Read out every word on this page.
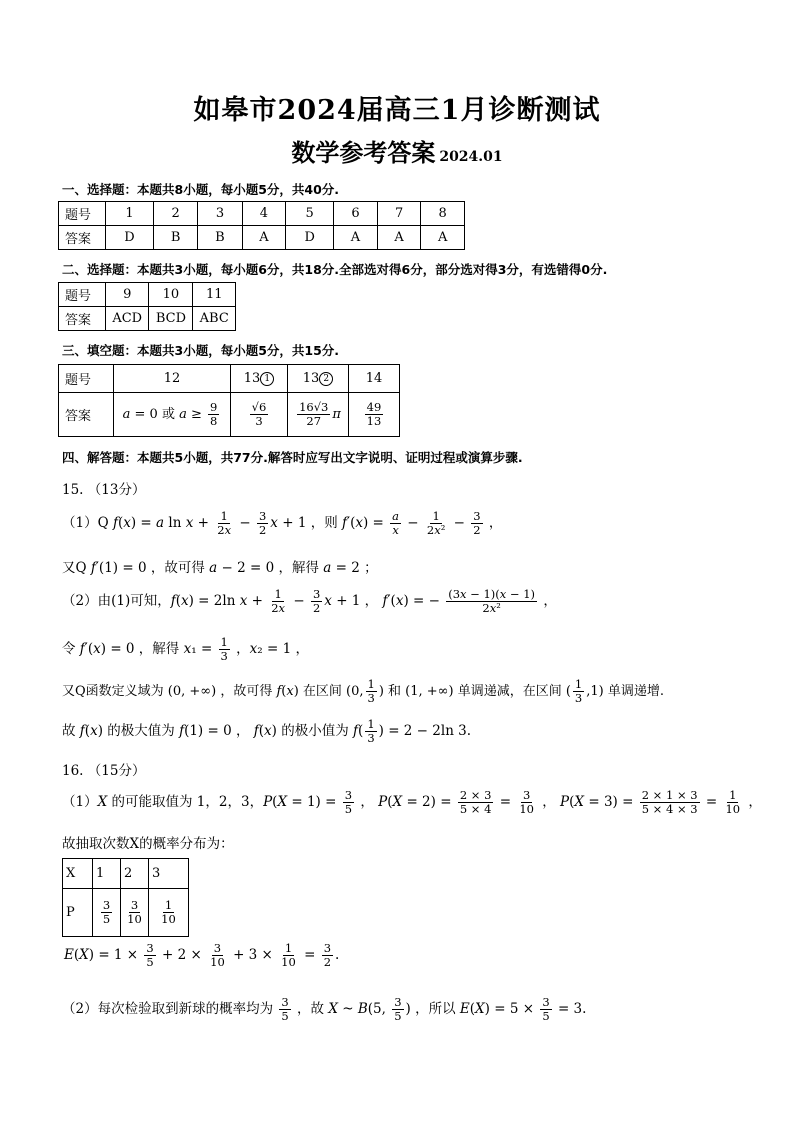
如皋市2024届高三1月诊断测试
数学参考答案 2024.01
一、选择题：本题共8小题，每小题5分，共40分.
题号	1	2	3	4	5	6	7	8
答案	D	B	B	A	D	A	A	A
二、选择题：本题共3小题，每小题6分，共18分.全部选对得6分，部分选对得3分，有选错得0分.
题号	9	10	11
答案	ACD	BCD	ABC
三、填空题：本题共3小题，每小题5分，共15分.
题号	12	13 1	13 2	14
答案	a = 0 或 $a \ge \frac{9}{8}$	$\frac{√6}{3}$	$\frac{16√3}{27}$ π	$\frac{49}{13}$
四、解答题：本题共5小题，共77分.解答时应写出文字说明、证明过程或演算步骤.
15. （13分）
（1）Q f(x) = a $\ln x + \frac{1}{2x} - \frac{3}{2}$ x + 1 ，则 $f'(x) = \frac{a}{x} - \frac{1}{\text{2x²}} - \frac{3}{2}$ ，
又Q f′(1) = 0 ，故可得 a − 2 = 0 ，解得 a = 2 ；
（2）由(1)可知，f(x) = 2ln $x + \frac{1}{2x} - \frac{3}{2}$ x + 1 ， f′(x) = − $\frac{(3x - 1)(x - 1)}{\text{2x²}}$ ，
令 f′(x) = 0 ，解得 $x_1 = \frac{1}{3}$ ，x₂ = 1 ，
又Q函数定义域为 (0, +∞) ，故可得 f(x) 在区间 (0, $\frac{1}{3}$ ) 和 (1, +∞) 单调递减，在区间 ( $\frac{1}{3} ,1$) 单调递增.
故 f(x) 的极大值为 f(1) = 0 ， f(x) 的极小值为 $f( \frac{1}{3}$ ) = 2 − 2ln 3.
16. （15分）
（1）X 的可能取值为 1，2，3，$P(X = 1) = \frac{3}{5}$ ， $P(X = 2) = \frac{2 \times 3}{5 \times 4} = \frac{3}{10}$ ， $P(X = 3) = \frac{2 \times 1 \times 3}{5 \times 4 \times 3} = \frac{1}{10}$ ，
故抽取次数X的概率分布为：
X	1	2	3
P	$\frac{3}{5}$	$\frac{3}{10}$	$\frac{1}{10}$
$E(X) = 1 \times \frac{3}{5} + 2 \times \frac{3}{10} + 3 \times \frac{1}{10} = \frac{3}{2}$ .
（2）每次检验取到新球的概率均为 $\frac{3}{5}$ ，故 X ~ B(5, $\frac{3}{5}$ ) ，所以 $E(X) = 5 \times \frac{3}{5} = 3$.
